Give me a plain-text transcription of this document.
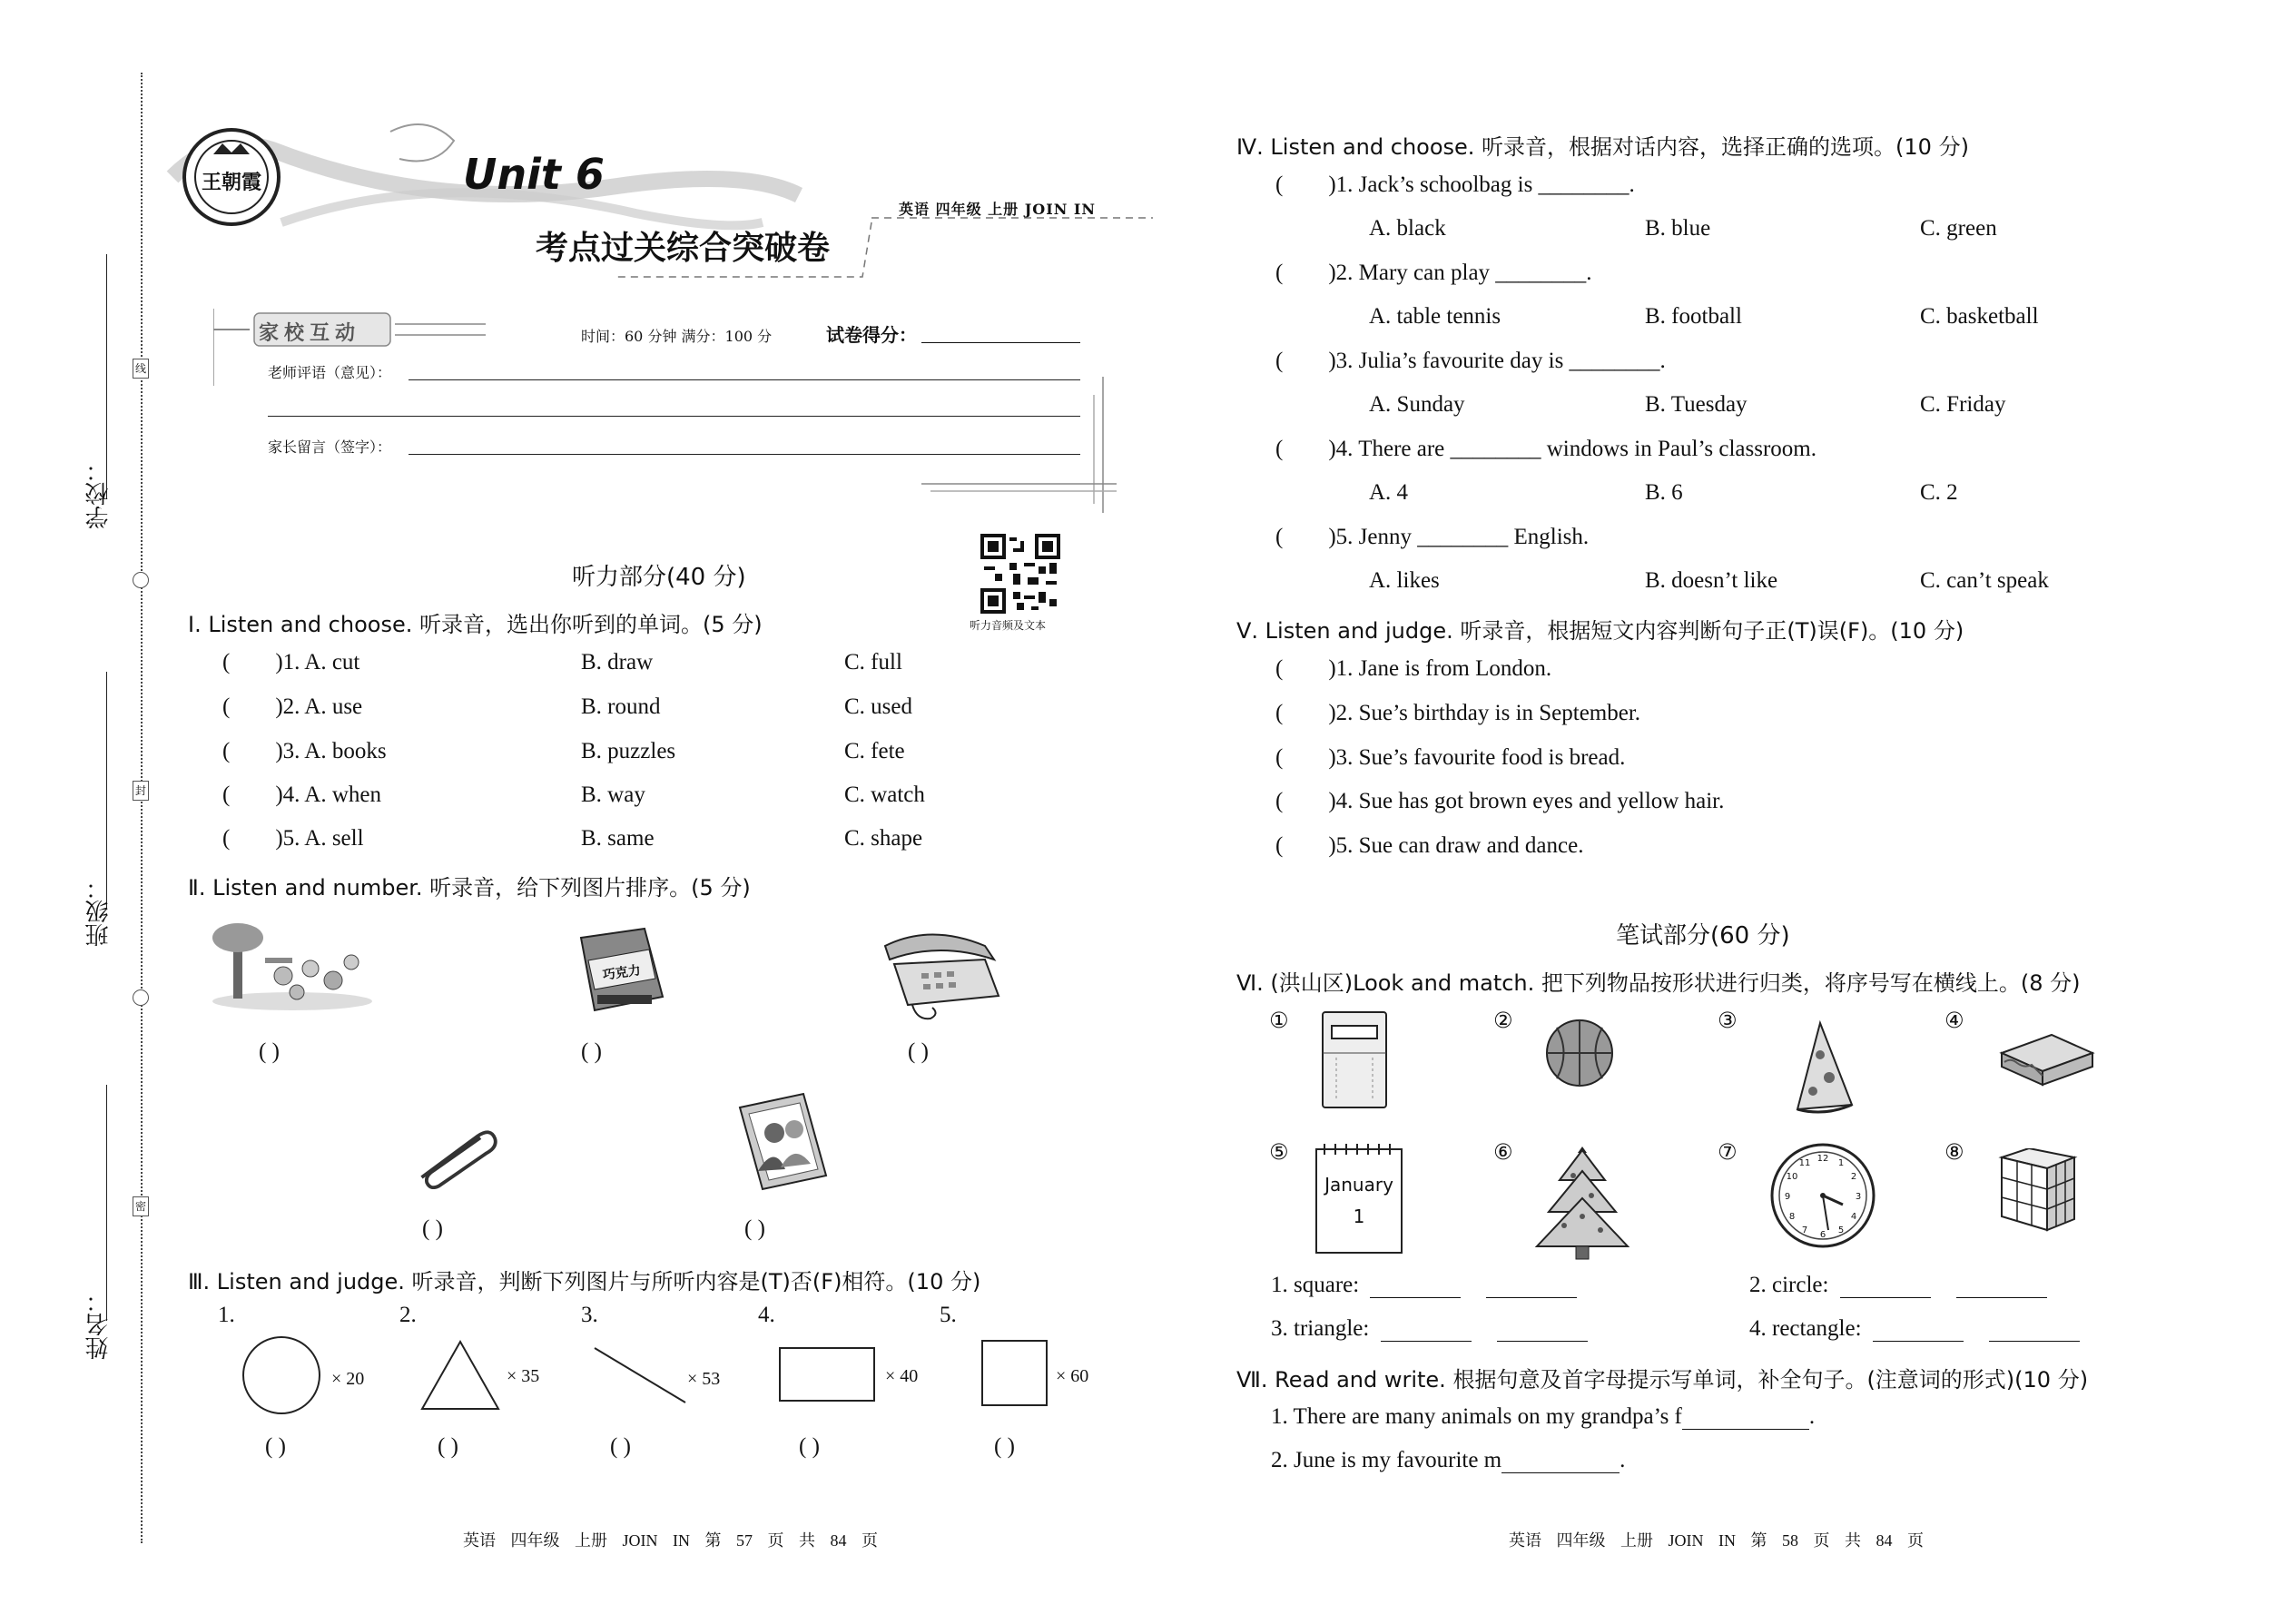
学校：
班级：
姓名：
线
封
密
王朝霞	Unit 6
考点过关综合突破卷
英语 四年级 上册 JOIN IN
家校互动	时间：60 分钟 满分：100 分	试卷得分：
老师评语（意见）：
家长留言（签字）：
听力音频及文本
听力部分(40 分)
Ⅰ. Listen and choose. 听录音，选出你听到的单词。(5 分)
( )1. A. cut	B. draw	C. full
( )2. A. use	B. round	C. used
( )3. A. books	B. puzzles	C. fete
( )4. A. when	B. way	C. watch
( )5. A. sell	B. same	C. shape
Ⅱ. Listen and number. 听录音，给下列图片排序。(5 分)
巧克力
( )	( )	( )
( )	( )
Ⅲ. Listen and judge. 听录音，判断下列图片与所听内容是(T)否(F)相符。(10 分)
1.	2.	3.	4.	5.
× 20	× 35	× 53	× 40	× 60
( )	( )	( )	( )	( )
英语 四年级 上册 JOIN IN 第 57 页 共 84 页
Ⅳ. Listen and choose. 听录音，根据对话内容，选择正确的选项。(10 分)
( )1. Jack’s schoolbag is ________.
A. black	B. blue	C. green
( )2. Mary can play ________.
A. table tennis	B. football	C. basketball
( )3. Julia’s favourite day is ________.
A. Sunday	B. Tuesday	C. Friday
( )4. There are ________ windows in Paul’s classroom.
A. 4	B. 6	C. 2
( )5. Jenny ________ English.
A. likes	B. doesn’t like	C. can’t speak
Ⅴ. Listen and judge. 听录音，根据短文内容判断句子正(T)误(F)。(10 分)
( )1. Jane is from London.
( )2. Sue’s birthday is in September.
( )3. Sue’s favourite food is bread.
( )4. Sue has got brown eyes and yellow hair.
( )5. Sue can draw and dance.
笔试部分(60 分)
Ⅵ. (洪山区)Look and match. 把下列物品按形状进行归类，将序号写在横线上。(8 分)
①	②	③	④
⑤
January
1
⑥	⑦	12 1
2
3
4
5
6
7
8
9
10
11	⑧
1. square:	2. circle:
3. triangle:	4. rectangle:
Ⅶ. Read and write. 根据句意及首字母提示写单词，补全句子。(注意词的形式)(10 分)
1. There are many animals on my grandpa’s f	.
2. June is my favourite m	.
英语 四年级 上册 JOIN IN 第 58 页 共 84 页
